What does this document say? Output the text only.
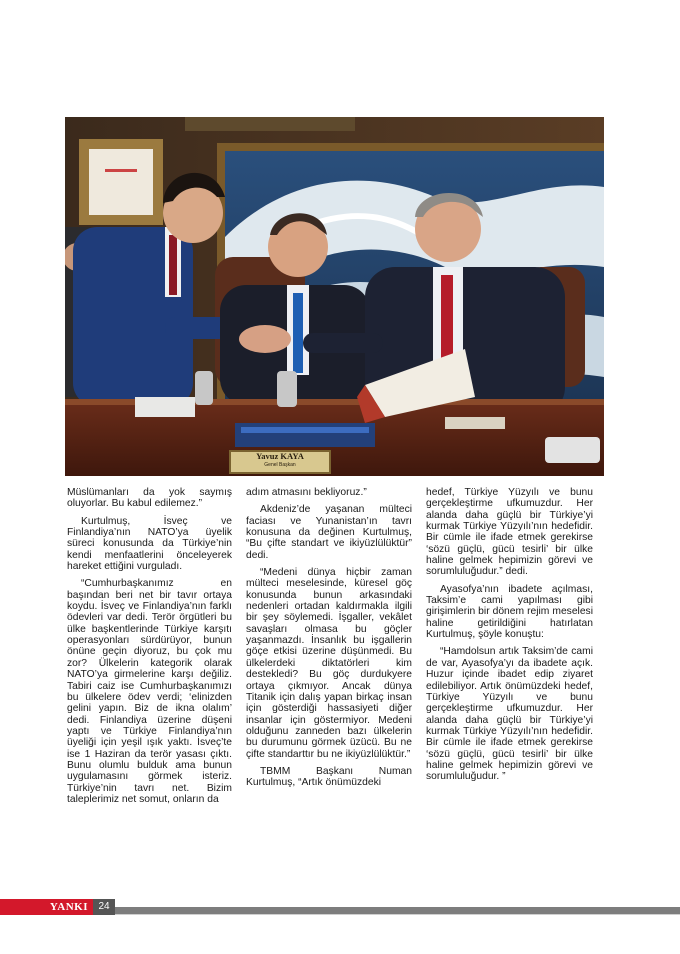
Yavuz KAYA
Genel Başkan

Müslümanları da yok saymış oluyorlar. Bu kabul edilemez.”

Kurtulmuş, İsveç ve Finlandiya’nın NATO’ya üyelik süreci konusunda da Türkiye’nin kendi menfaatlerini önceleyerek hareket ettiğini vurguladı.

“Cumhurbaşkanımız en başından beri net bir tavır ortaya koydu. İsveç ve Finlandiya’nın farklı ödevleri var dedi. Terör örgütleri bu ülke başkentlerinde Türkiye karşıtı operasyonları sürdürüyor, bunun önüne geçin diyoruz, bu çok mu zor? Ülkelerin kategorik olarak NATO’ya girmelerine karşı değiliz. Tabiri caiz ise Cumhurbaşkanımızı bu ülkelere ödev verdi; ‘elinizden gelini yapın. Biz de ikna olalım’ dedi. Finlandiya üzerine düşeni yaptı ve Türkiye Finlandiya’nın üyeliği için yeşil ışık yaktı. İsveç’te ise 1 Haziran da terör yasası çıktı. Bunu olumlu bulduk ama bunun uygulamasını görmek isteriz. Türkiye’nin tavrı net. Bizim taleplerimiz net somut, onların da

adım atmasını bekliyoruz.”

Akdeniz’de yaşanan mülteci faciası ve Yunanistan’ın tavrı konusuna da değinen Kurtulmuş, “Bu çifte standart ve ikiyüzlülüktür” dedi.

“Medeni dünya hiçbir zaman mülteci meselesinde, küresel göç konusunda bunun arkasındaki nedenleri ortadan kaldırmakla ilgili bir şey söylemedi. İşgaller, vekâlet savaşları olmasa bu göçler yaşanmazdı. İnsanlık bu işgallerin göçe etkisi üzerine düşünmedi. Bu ülkelerdeki diktatörleri kim destekledi? Bu göç durdukyere ortaya çıkmıyor. Ancak dünya Titanik için dalış yapan birkaç insan için gösterdiği hassasiyeti diğer insanlar için göstermiyor. Medeni olduğunu zanneden bazı ülkelerin bu durumunu görmek üzücü. Bu ne çifte standarttır bu ne ikiyüzlülüktür.”

TBMM Başkanı Numan Kurtulmuş, “Artık önümüzdeki

hedef, Türkiye Yüzyılı ve bunu gerçekleştirme ufkumuzdur. Her alanda daha güçlü bir Türkiye’yi kurmak Türkiye Yüzyılı’nın hedefidir. Bir cümle ile ifade etmek gerekirse ‘sözü güçlü, gücü tesirli’ bir ülke haline gelmek hepimizin görevi ve sorumluluğudur.” dedi.

Ayasofya’nın ibadete açılması, Taksim’e cami yapılması gibi girişimlerin bir dönem rejim meselesi haline getirildiğini hatırlatan Kurtulmuş, şöyle konuştu:

“Hamdolsun artık Taksim’de cami de var, Ayasofya’yı da ibadete açık. Huzur içinde ibadet edip ziyaret edilebiliyor. Artık önümüzdeki hedef, Türkiye Yüzyılı ve bunu gerçekleştirme ufkumuzdur. Her alanda daha güçlü bir Türkiye’yi kurmak Türkiye Yüzyılı’nın hedefidir. Bir cümle ile ifade etmek gerekirse ‘sözü güçlü, gücü tesirli’ bir ülke haline gelmek hepimizin görevi ve sorumluluğudur. ”

YANKI	24
